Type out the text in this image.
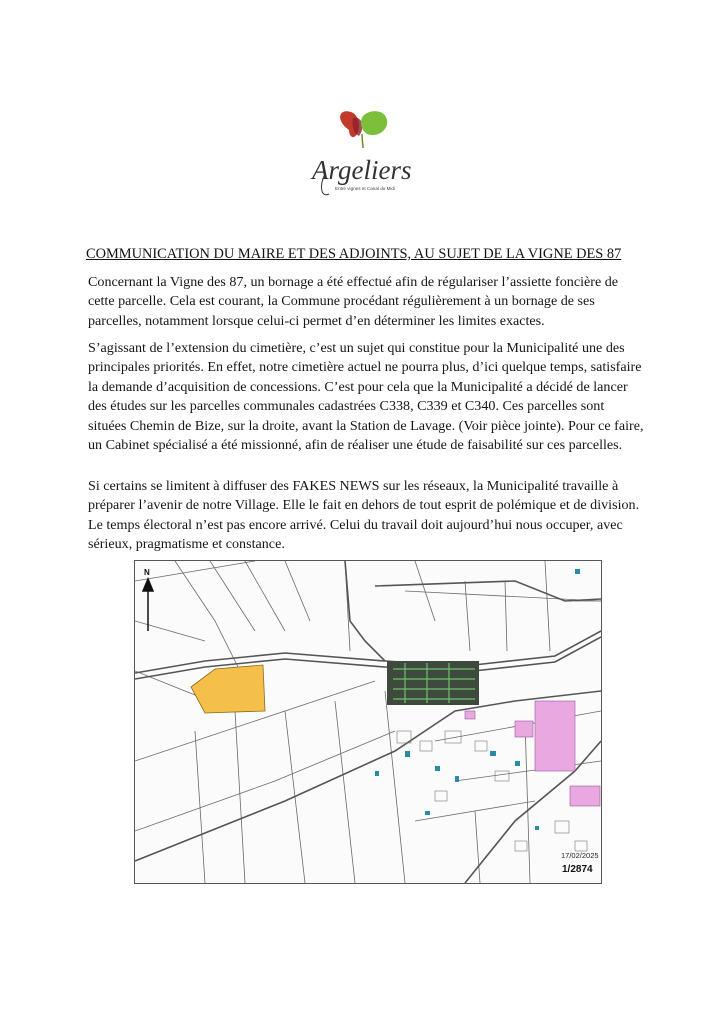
Argeliers
Entre vignes et Canal du Midi
COMMUNICATION DU MAIRE ET DES ADJOINTS, AU SUJET DE LA VIGNE DES 87

Concernant la Vigne des 87, un bornage a été effectué afin de régulariser l’assiette foncière de cette parcelle. Cela est courant, la Commune procédant régulièrement à un bornage de ses parcelles, notamment lorsque celui-ci permet d’en déterminer les limites exactes.

S’agissant de l’extension du cimetière, c’est un sujet qui constitue pour la Municipalité une des principales priorités. En effet, notre cimetière actuel ne pourra plus, d’ici quelque temps, satisfaire la demande d’acquisition de concessions. C’est pour cela que la Municipalité a décidé de lancer des études sur les parcelles communales cadastrées C338, C339 et C340. Ces parcelles sont situées Chemin de Bize, sur la droite, avant la Station de Lavage. (Voir pièce jointe). Pour ce faire, un Cabinet spécialisé a été missionné, afin de réaliser une étude de faisabilité sur ces parcelles.

Si certains se limitent à diffuser des FAKES NEWS sur les réseaux, la Municipalité travaille à préparer l’avenir de notre Village. Elle le fait en dehors de tout esprit de polémique et de division. Le temps électoral n’est pas encore arrivé. Celui du travail doit aujourd’hui nous occuper, avec sérieux, pragmatisme et constance.

N
17/02/2025
1/2874
